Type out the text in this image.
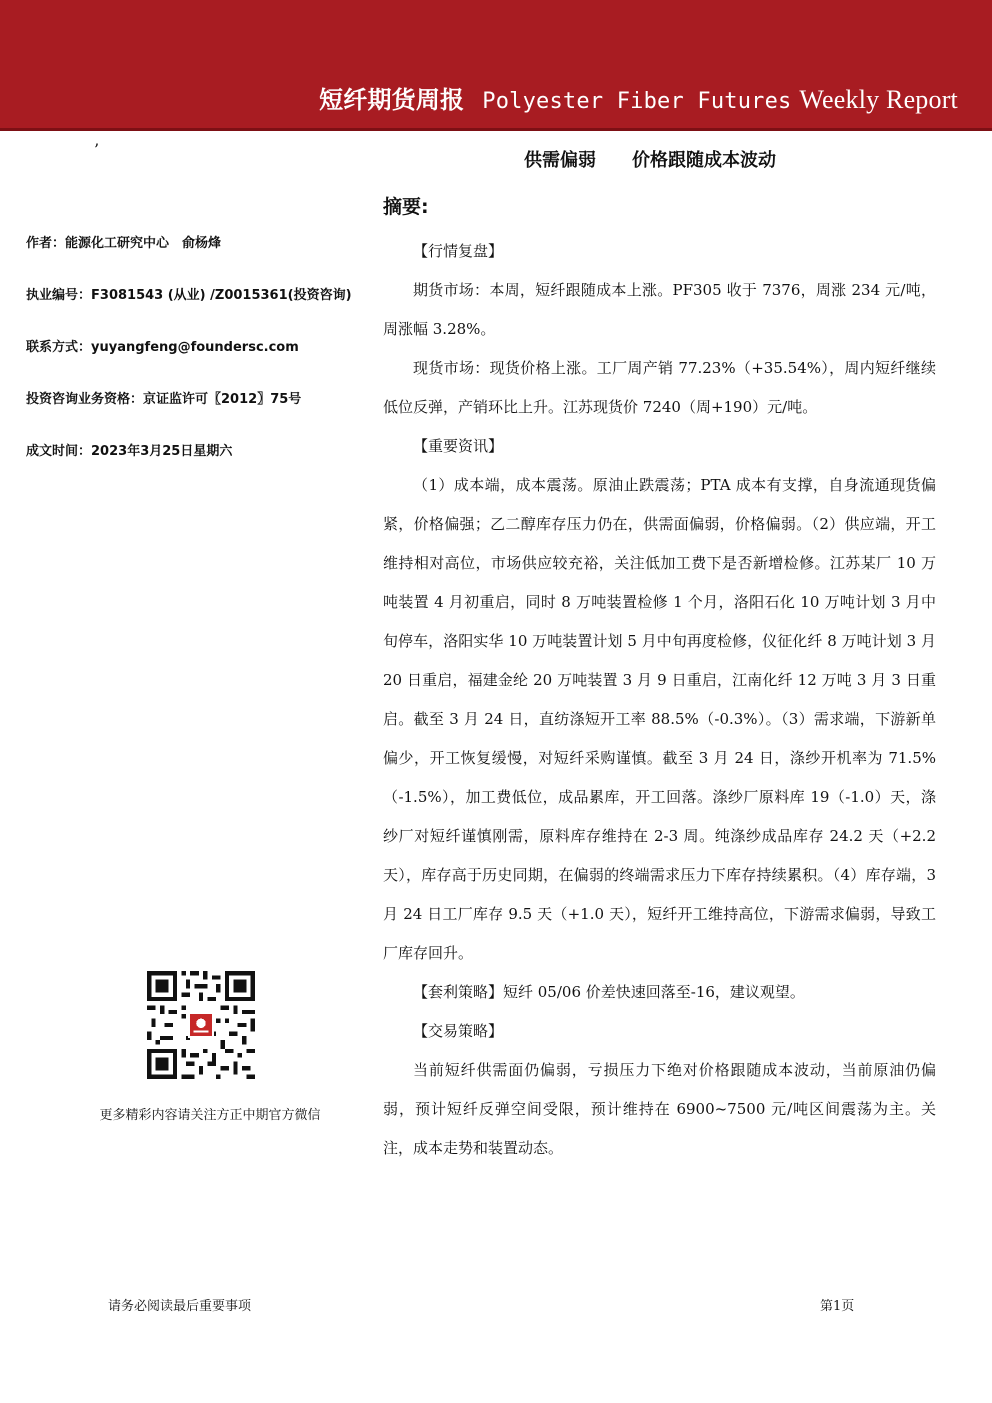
短纤期货周报 Polyester Fiber Futures Weekly Report
’
作者：能源化工研究中心　俞杨烽
执业编号：F3081543 (从业) /Z0015361(投资咨询)
联系方式：yuyangfeng@foundersc.com
投资咨询业务资格：京证监许可〖2012〗75号
成文时间：2023年3月25日星期六
更多精彩内容请关注方正中期官方微信
供需偏弱 价格跟随成本波动
摘要:

【行情复盘】

期货市场：本周，短纤跟随成本上涨。PF305 收于 7376，周涨 234 元/吨，周涨幅 3.28%。

现货市场：现货价格上涨。工厂周产销 77.23%（+35.54%），周内短纤继续低位反弹，产销环比上升。江苏现货价 7240（周+190）元/吨。

【重要资讯】

（1）成本端，成本震荡。原油止跌震荡；PTA 成本有支撑，自身流通现货偏紧，价格偏强；乙二醇库存压力仍在，供需面偏弱，价格偏弱。（2）供应端，开工维持相对高位，市场供应较充裕，关注低加工费下是否新增检修。江苏某厂 10 万吨装置 4 月初重启，同时 8 万吨装置检修 1 个月，洛阳石化 10 万吨计划 3 月中旬停车，洛阳实华 10 万吨装置计划 5 月中旬再度检修，仪征化纤 8 万吨计划 3 月 20 日重启，福建金纶 20 万吨装置 3 月 9 日重启，江南化纤 12 万吨 3 月 3 日重启。截至 3 月 24 日，直纺涤短开工率 88.5%（-0.3%）。（3）需求端，下游新单偏少，开工恢复缓慢，对短纤采购谨慎。截至 3 月 24 日，涤纱开机率为 71.5%（-1.5%），加工费低位，成品累库，开工回落。涤纱厂原料库 19（-1.0）天，涤纱厂对短纤谨慎刚需，原料库存维持在 2-3 周。纯涤纱成品库存 24.2 天（+2.2 天），库存高于历史同期，在偏弱的终端需求压力下库存持续累积。（4）库存端，3 月 24 日工厂库存 9.5 天（+1.0 天），短纤开工维持高位，下游需求偏弱，导致工厂库存回升。

【套利策略】短纤 05/06 价差快速回落至-16，建议观望。

【交易策略】

当前短纤供需面仍偏弱，亏损压力下绝对价格跟随成本波动，当前原油仍偏弱，预计短纤反弹空间受限，预计维持在 6900~7500 元/吨区间震荡为主。关注，成本走势和装置动态。

请务必阅读最后重要事项	第1页
